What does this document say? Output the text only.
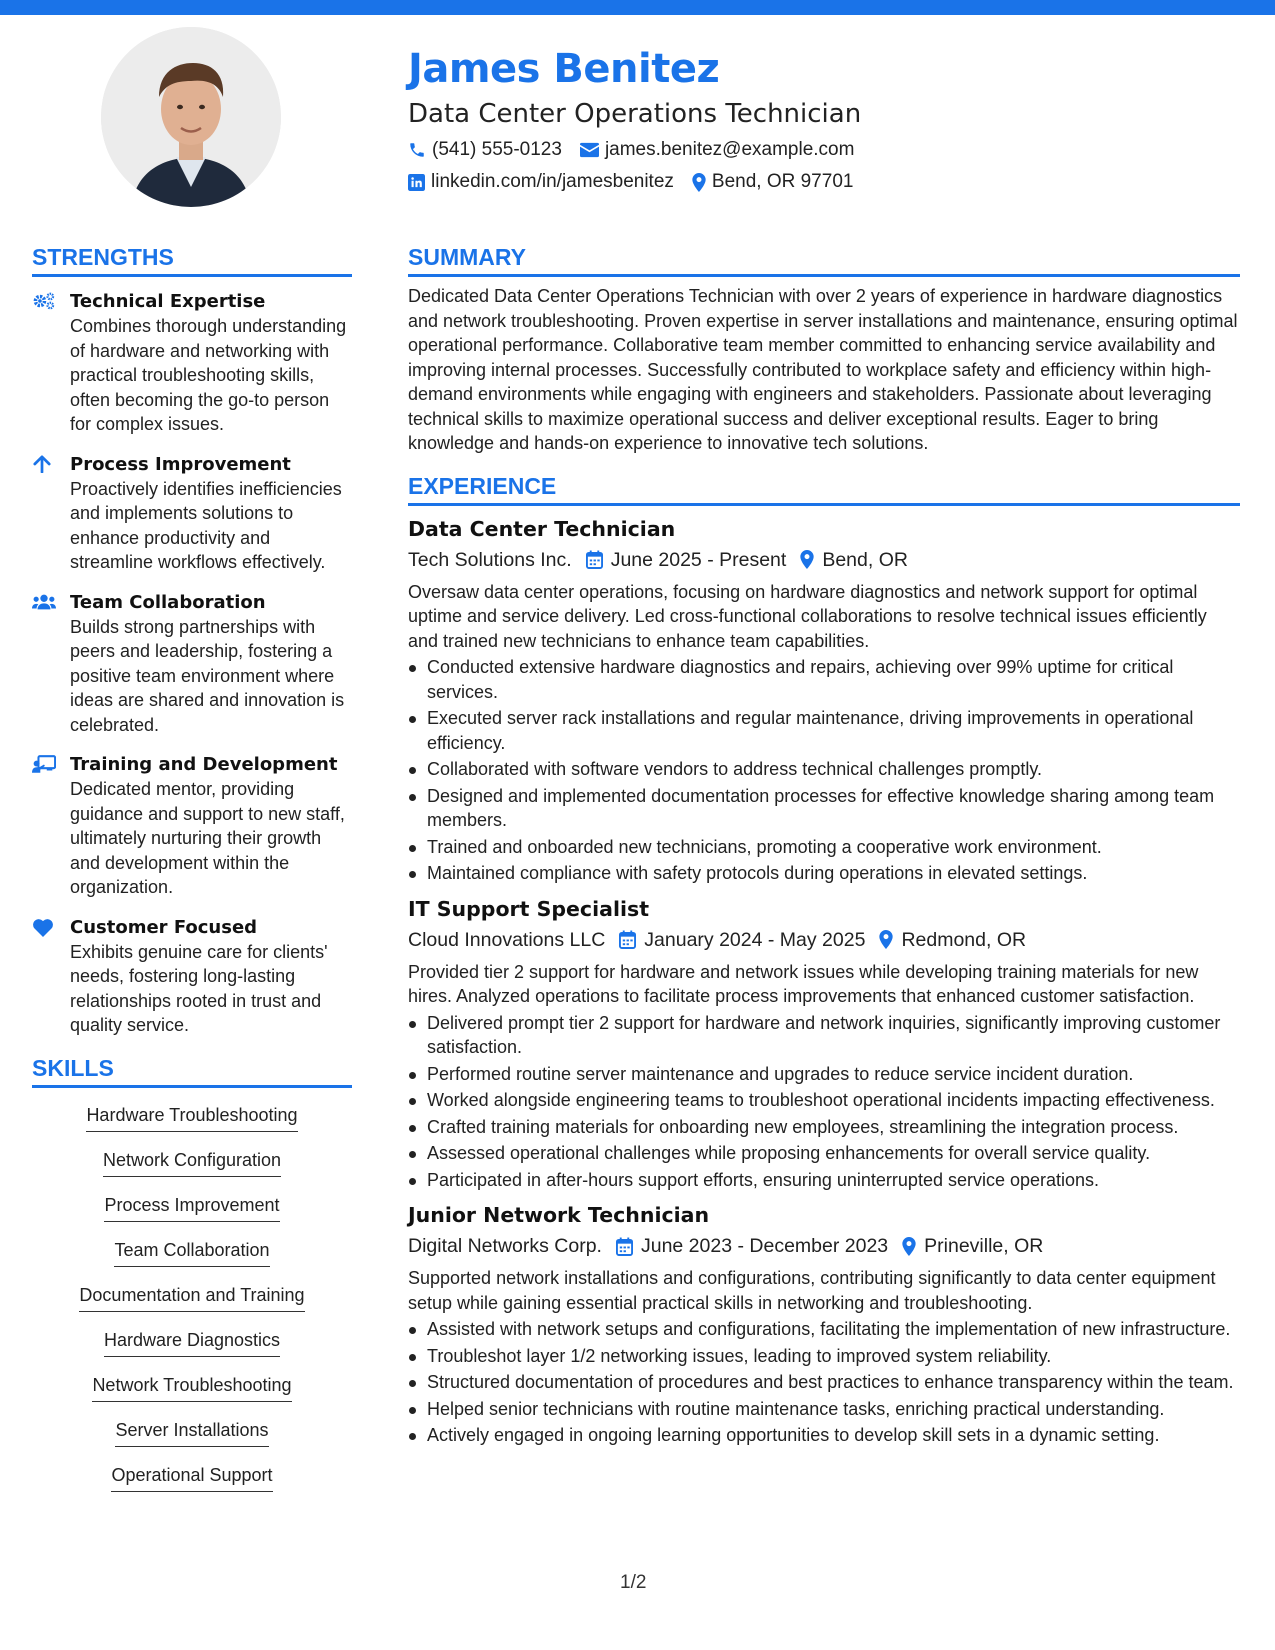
James Benitez
Data Center Operations Technician
(541) 555-0123 james.benitez@example.com
linkedin.com/in/jamesbenitez Bend, OR 97701
STRENGTHS
Technical Expertise
Combines thorough understanding of hardware and networking with practical troubleshooting skills, often becoming the go-to person for complex issues.
Process Improvement
Proactively identifies inefficiencies and implements solutions to enhance productivity and streamline workflows effectively.
Team Collaboration
Builds strong partnerships with peers and leadership, fostering a positive team environment where ideas are shared and innovation is celebrated.
Training and Development
Dedicated mentor, providing guidance and support to new staff, ultimately nurturing their growth and development within the organization.
Customer Focused
Exhibits genuine care for clients' needs, fostering long-lasting relationships rooted in trust and quality service.
SKILLS
Hardware Troubleshooting
Network Configuration
Process Improvement
Team Collaboration
Documentation and Training
Hardware Diagnostics
Network Troubleshooting
Server Installations
Operational Support
SUMMARY
Dedicated Data Center Operations Technician with over 2 years of experience in hardware diagnostics and network troubleshooting. Proven expertise in server installations and maintenance, ensuring optimal operational performance. Collaborative team member committed to enhancing service availability and improving internal processes. Successfully contributed to workplace safety and efficiency within high-demand environments while engaging with engineers and stakeholders. Passionate about leveraging technical skills to maximize operational success and deliver exceptional results. Eager to bring knowledge and hands-on experience to innovative tech solutions.
EXPERIENCE
Data Center Technician
Tech Solutions Inc. June 2025 - Present Bend, OR
Oversaw data center operations, focusing on hardware diagnostics and network support for optimal uptime and service delivery. Led cross-functional collaborations to resolve technical issues efficiently and trained new technicians to enhance team capabilities.
Conducted extensive hardware diagnostics and repairs, achieving over 99% uptime for critical services.
Executed server rack installations and regular maintenance, driving improvements in operational efficiency.
Collaborated with software vendors to address technical challenges promptly.
Designed and implemented documentation processes for effective knowledge sharing among team members.
Trained and onboarded new technicians, promoting a cooperative work environment.
Maintained compliance with safety protocols during operations in elevated settings.
IT Support Specialist
Cloud Innovations LLC January 2024 - May 2025 Redmond, OR
Provided tier 2 support for hardware and network issues while developing training materials for new hires. Analyzed operations to facilitate process improvements that enhanced customer satisfaction.
Delivered prompt tier 2 support for hardware and network inquiries, significantly improving customer satisfaction.
Performed routine server maintenance and upgrades to reduce service incident duration.
Worked alongside engineering teams to troubleshoot operational incidents impacting effectiveness.
Crafted training materials for onboarding new employees, streamlining the integration process.
Assessed operational challenges while proposing enhancements for overall service quality.
Participated in after-hours support efforts, ensuring uninterrupted service operations.
Junior Network Technician
Digital Networks Corp. June 2023 - December 2023 Prineville, OR
Supported network installations and configurations, contributing significantly to data center equipment setup while gaining essential practical skills in networking and troubleshooting.
Assisted with network setups and configurations, facilitating the implementation of new infrastructure.
Troubleshot layer 1/2 networking issues, leading to improved system reliability.
Structured documentation of procedures and best practices to enhance transparency within the team.
Helped senior technicians with routine maintenance tasks, enriching practical understanding.
Actively engaged in ongoing learning opportunities to develop skill sets in a dynamic setting.
1/2
